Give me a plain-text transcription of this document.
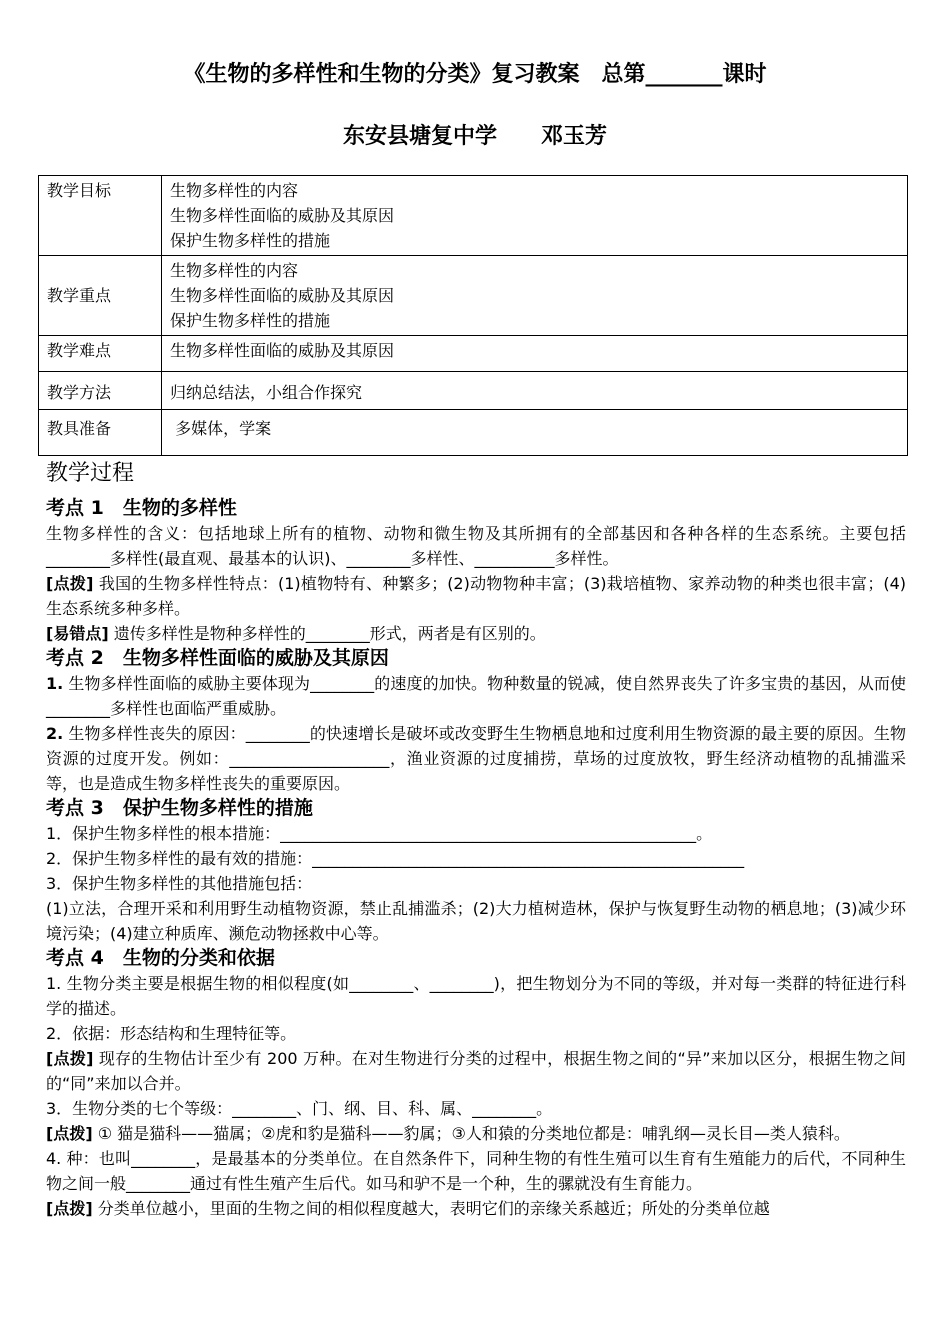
《生物的多样性和生物的分类》复习教案　总第_______课时
东安县塘复中学　　邓玉芳
教学目标	生物多样性的内容
生物多样性面临的威胁及其原因
保护生物多样性的措施

教学重点	生物多样性的内容
生物多样性面临的威胁及其原因
保护生物多样性的措施

教学难点	生物多样性面临的威胁及其原因
教学方法	归纳总结法，小组合作探究
教具准备	多媒体，学案
教学过程
考点 1　生物的多样性
生物多样性的含义：包括地球上所有的植物、动物和微生物及其所拥有的全部基因和各种各样的生态系统。主要包括________多样性(最直观、最基本的认识)、________多样性、__________多样性。
[点拨] 我国的生物多样性特点：(1)植物特有、种繁多；(2)动物物种丰富；(3)栽培植物、家养动物的种类也很丰富；(4)生态系统多种多样。
[易错点] 遗传多样性是物种多样性的________形式，两者是有区别的。
考点 2　生物多样性面临的威胁及其原因
1. 生物多样性面临的威胁主要体现为________的速度的加快。物种数量的锐减，使自然界丧失了许多宝贵的基因，从而使________多样性也面临严重威胁。
2. 生物多样性丧失的原因：________的快速增长是破坏或改变野生生物栖息地和过度利用生物资源的最主要的原因。生物资源的过度开发。例如：____________________，渔业资源的过度捕捞，草场的过度放牧，野生经济动植物的乱捕滥采等，也是造成生物多样性丧失的重要原因。
考点 3　保护生物多样性的措施
1．保护生物多样性的根本措施：____________________________________________________。
2．保护生物多样性的最有效的措施：______________________________________________________
3．保护生物多样性的其他措施包括：
(1)立法，合理开采和利用野生动植物资源，禁止乱捕滥杀；(2)大力植树造林，保护与恢复野生动物的栖息地；(3)减少环境污染；(4)建立种质库、濒危动物拯救中心等。
考点 4　生物的分类和依据
1. 生物分类主要是根据生物的相似程度(如________、________)，把生物划分为不同的等级，并对每一类群的特征进行科学的描述。
2．依据：形态结构和生理特征等。
[点拨] 现存的生物估计至少有 200 万种。在对生物进行分类的过程中，根据生物之间的“异”来加以区分，根据生物之间的“同”来加以合并。
3．生物分类的七个等级：________、门、纲、目、科、属、________。
[点拨] ① 猫是猫科——猫属；②虎和豹是猫科——豹属；③人和猿的分类地位都是：哺乳纲—灵长目—类人猿科。
4. 种：也叫________，是最基本的分类单位。在自然条件下，同种生物的有性生殖可以生育有生殖能力的后代，不同种生物之间一般________通过有性生殖产生后代。如马和驴不是一个种，生的骡就没有生育能力。
[点拨] 分类单位越小，里面的生物之间的相似程度越大，表明它们的亲缘关系越近；所处的分类单位越
